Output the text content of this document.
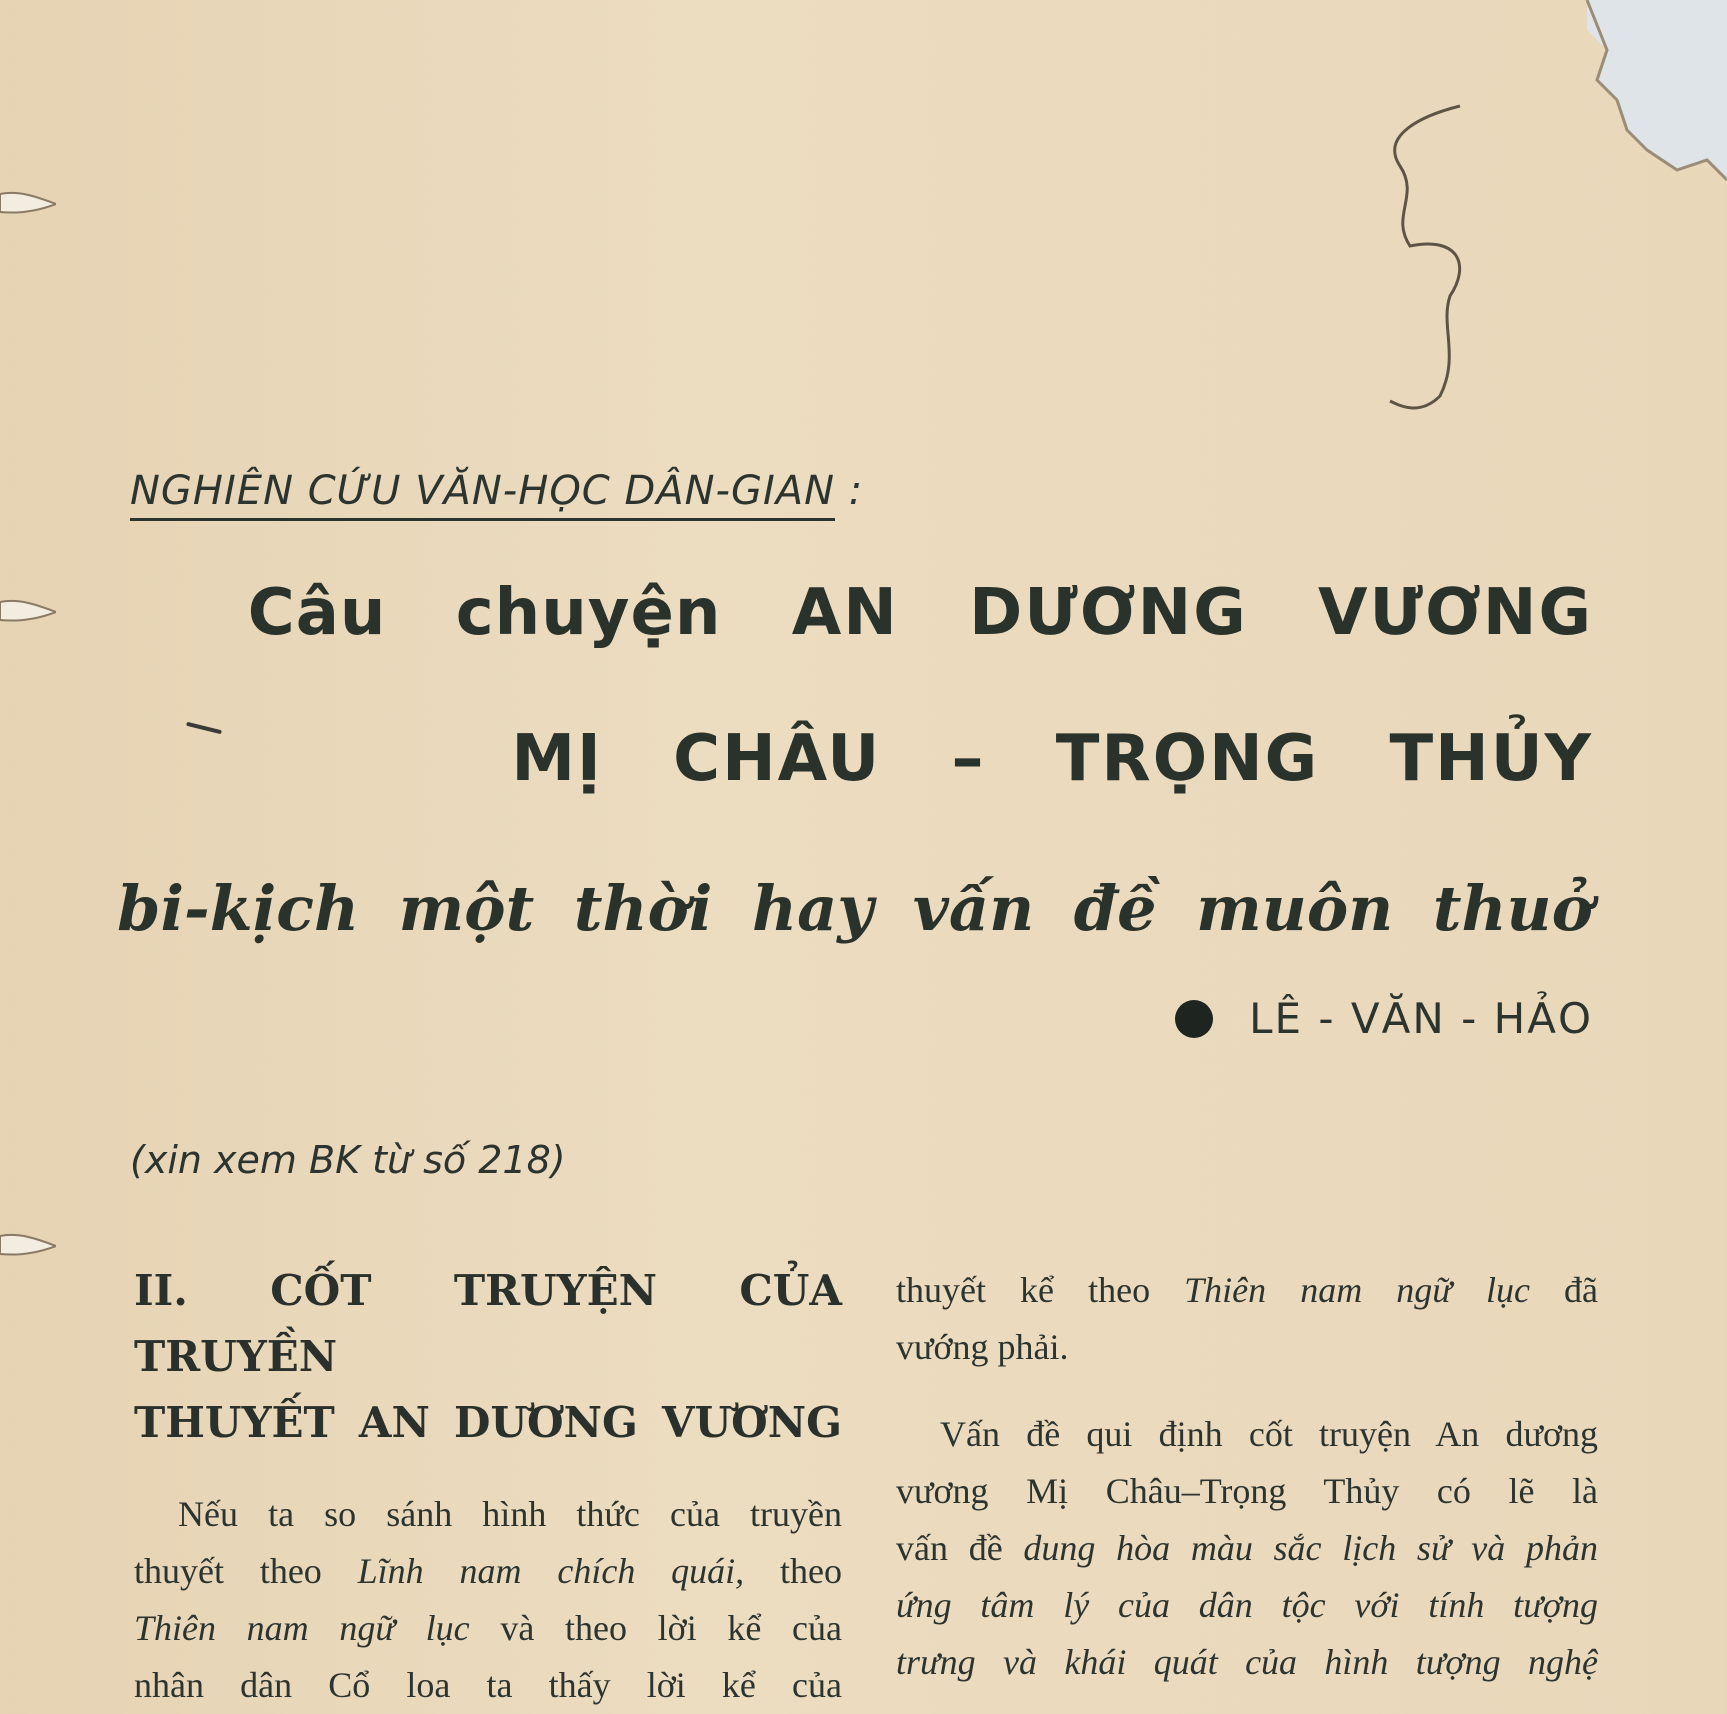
NGHIÊN CỨU VĂN-HỌC DÂN-GIAN :
Câu chuyện AN DƯƠNG VƯƠNG
MỊ CHÂU – TRỌNG THỦY
bi-kịch một thời hay vấn đề muôn thuở
LÊ - VĂN - HẢO
(xin xem BK từ số 218)
II. CỐT TRUYỆN CỦA TRUYỀN
THUYẾT AN DƯƠNG VƯƠNG

Nếu ta so sánh hình thức của truyền
thuyết theo Lĩnh nam chích quái, theo
Thiên nam ngữ lục và theo lời kể của
nhân dân Cổ loa ta thấy lời kể của

thuyết kể theo Thiên nam ngữ lục đã
vướng phải.

Vấn đề qui định cốt truyện An dương
vương Mị Châu–Trọng Thủy có lẽ là
vấn đề dung hòa màu sắc lịch sử và phản
ứng tâm lý của dân tộc với tính tượng
trưng và khái quát của hình tượng nghệ
